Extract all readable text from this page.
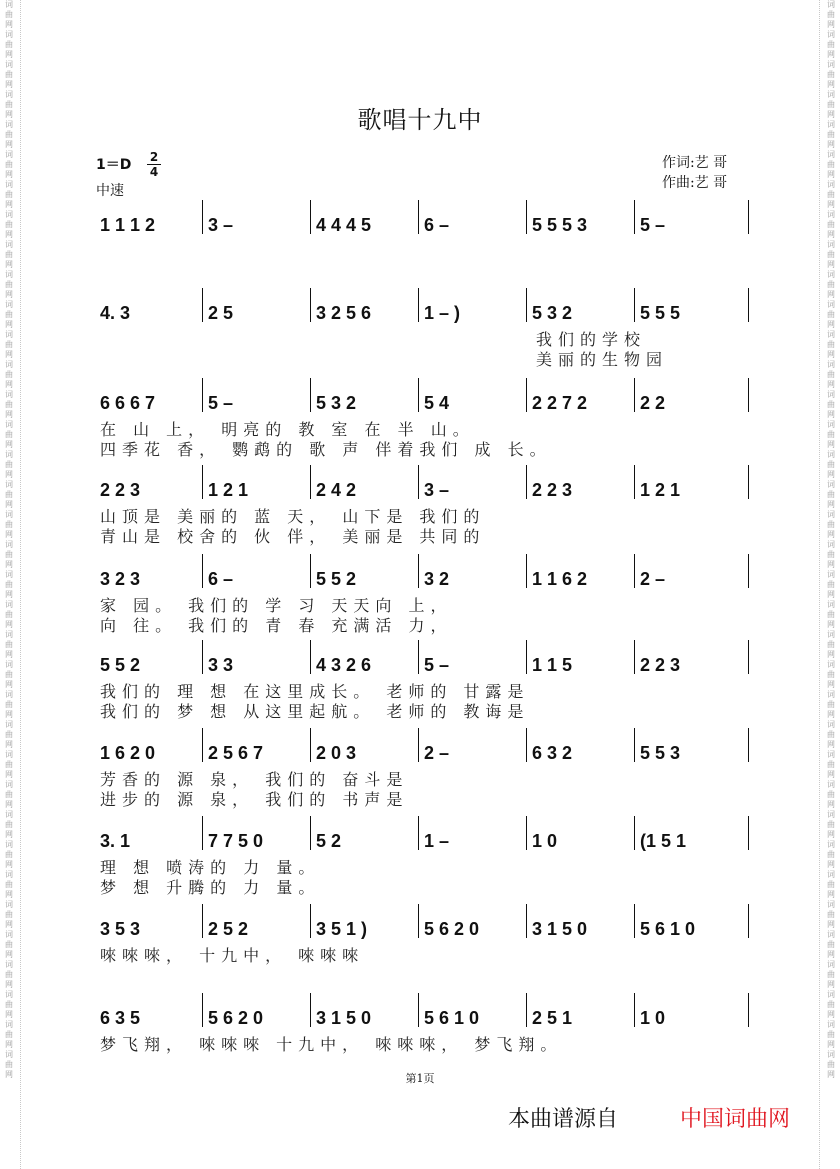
词曲网词曲网词曲网词曲网词曲网词曲网词曲网词曲网词曲网词曲网词曲网词曲网词曲网词曲网词曲网词曲网词曲网词曲网词曲网词曲网词曲网词曲网词曲网词曲网词曲网词曲网词曲网词曲网词曲网词曲网词曲网词曲网词曲网词曲网词曲网词曲网
词曲网词曲网词曲网词曲网词曲网词曲网词曲网词曲网词曲网词曲网词曲网词曲网词曲网词曲网词曲网词曲网词曲网词曲网词曲网词曲网词曲网词曲网词曲网词曲网词曲网词曲网词曲网词曲网词曲网词曲网词曲网词曲网词曲网词曲网词曲网词曲网
歌唱十九中
1＝D	2
4
中速
作词:艺 哥
作曲:艺 哥
1 1 1 2	3 –	4 4 4 5	6 –	5 5 5 3	5 –
4. 3	2 5	3 2 5 6	1 – )	5 3 2	5 5 5
我们的学校
美丽的生物园
6 6 6 7	5 –	5 3 2	5 4	2 2 7 2	2 2
在 山 上， 明亮的 教 室 在 半 山。
四季花 香， 鹦鹉的 歌 声 伴着我们 成 长。
2 2 3	1 2 1	2 4 2	3 –	2 2 3	1 2 1
山顶是 美丽的 蓝 天， 山下是 我们的
青山是 校舍的 伙 伴， 美丽是 共同的
3 2 3	6 –	5 5 2	3 2	1 1 6 2	2 –
家 园。 我们的 学 习 天天向 上，
向 往。 我们的 青 春 充满活 力，
5 5 2	3 3	4 3 2 6	5 –	1 1 5	2 2 3
我们的 理 想 在这里成长。 老师的 甘露是
我们的 梦 想 从这里起航。 老师的 教诲是
1 6 2 0	2 5 6 7	2 0 3	2 –	6 3 2	5 5 3
芳香的 源 泉， 我们的 奋斗是
进步的 源 泉， 我们的 书声是
3. 1	7 7 5 0	5 2	1 –	1 0	(1 5 1
理 想 喷涛的 力 量。
梦 想 升腾的 力 量。
3 5 3	2 5 2	3 5 1 )	5 6 2 0	3 1 5 0	5 6 1 0
唻唻唻， 十九中， 唻唻唻
6 3 5	5 6 2 0	3 1 5 0	5 6 1 0	2 5 1	1 0
梦飞翔， 唻唻唻 十九中， 唻唻唻， 梦飞翔。
第1页
本曲谱源自	中国词曲网
